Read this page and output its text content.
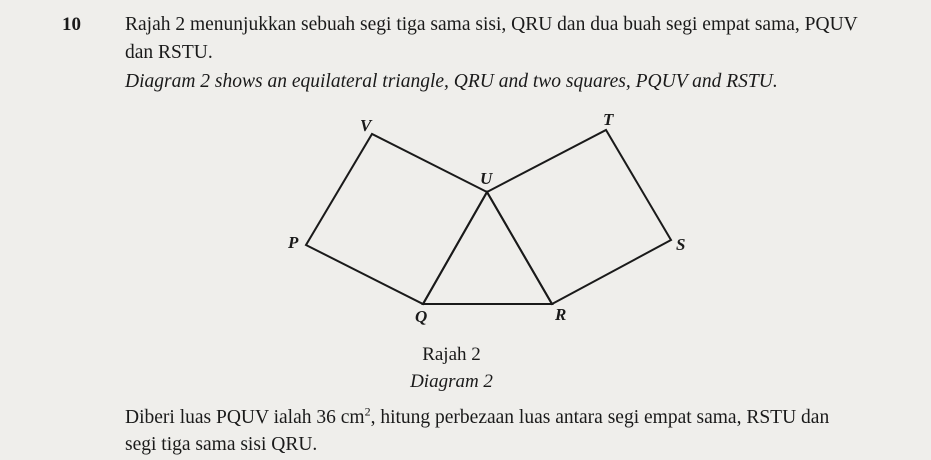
10 Rajah 2 menunjukkan sebuah segi tiga sama sisi, QRU dan dua buah segi empat sama, PQUV
dan RSTU.
Diagram 2 shows an equilateral triangle, QRU and two squares, PQUV and RSTU.
V	T
U
P	S
Q	R
Rajah 2
Diagram 2
Diberi luas PQUV ialah 36 $cm^2$, hitung perbezaan luas antara segi empat sama, RSTU dan
segi tiga sama sisi QRU.
